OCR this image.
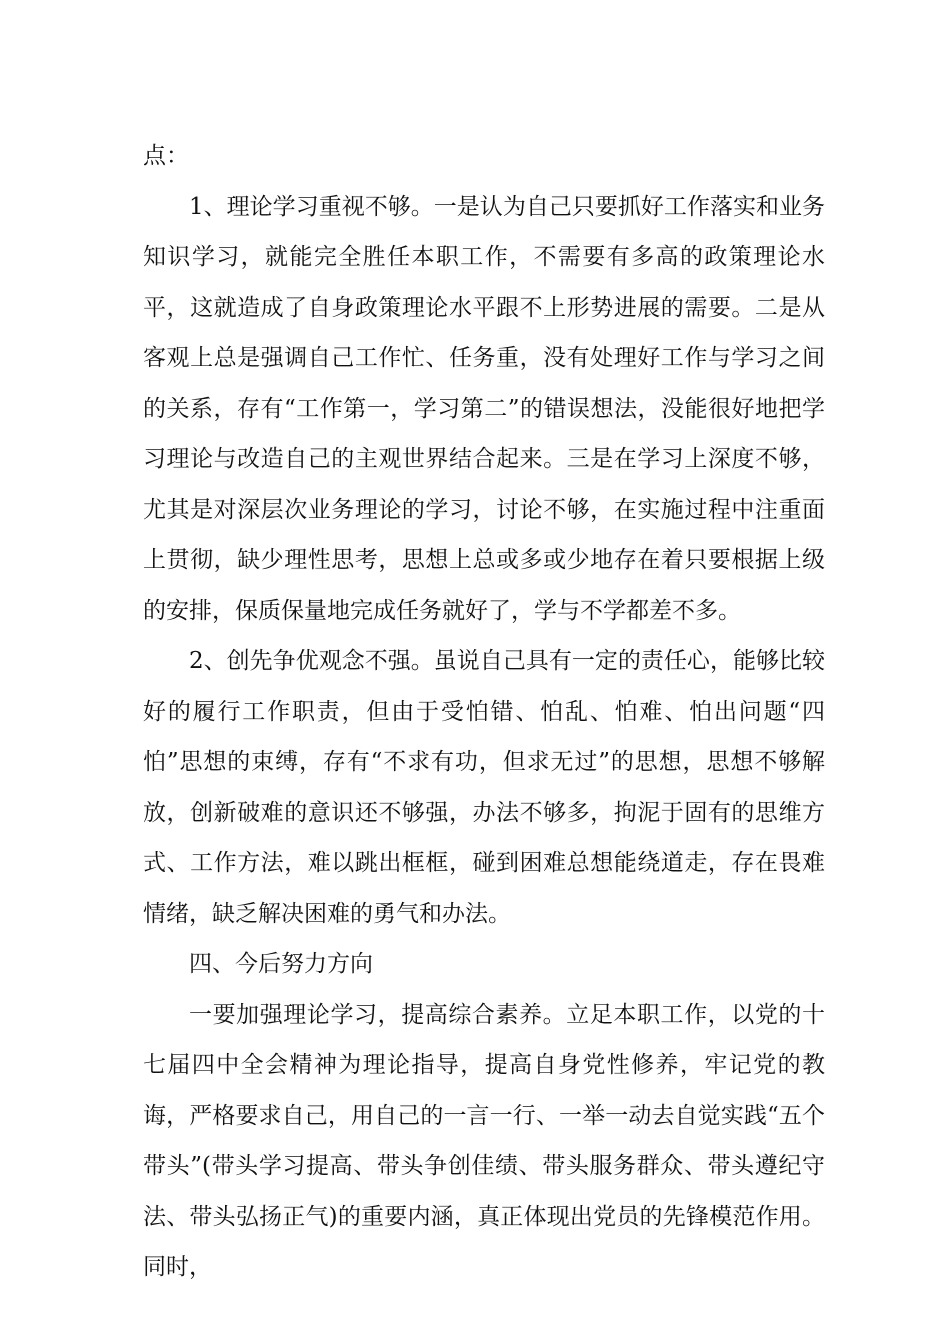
点：

1、理论学习重视不够。一是认为自己只要抓好工作落实和业务知识学习，就能完全胜任本职工作，不需要有多高的政策理论水平，这就造成了自身政策理论水平跟不上形势进展的需要。二是从客观上总是强调自己工作忙、任务重，没有处理好工作与学习之间的关系，存有“工作第一，学习第二”的错误想法，没能很好地把学习理论与改造自己的主观世界结合起来。三是在学习上深度不够，尤其是对深层次业务理论的学习，讨论不够，在实施过程中注重面上贯彻，缺少理性思考，思想上总或多或少地存在着只要根据上级的安排，保质保量地完成任务就好了，学与不学都差不多。

2、创先争优观念不强。虽说自己具有一定的责任心，能够比较好的履行工作职责，但由于受怕错、怕乱、怕难、怕出问题“四怕”思想的束缚，存有“不求有功，但求无过”的思想，思想不够解放，创新破难的意识还不够强，办法不够多，拘泥于固有的思维方式、工作方法，难以跳出框框，碰到困难总想能绕道走，存在畏难情绪，缺乏解决困难的勇气和办法。

四、今后努力方向

一要加强理论学习，提高综合素养。立足本职工作，以党的十七届四中全会精神为理论指导，提高自身党性修养，牢记党的教诲，严格要求自己，用自己的一言一行、一举一动去自觉实践“五个带头”(带头学习提高、带头争创佳绩、带头服务群众、带头遵纪守法、带头弘扬正气)的重要内涵，真正体现出党员的先锋模范作用。同时，
